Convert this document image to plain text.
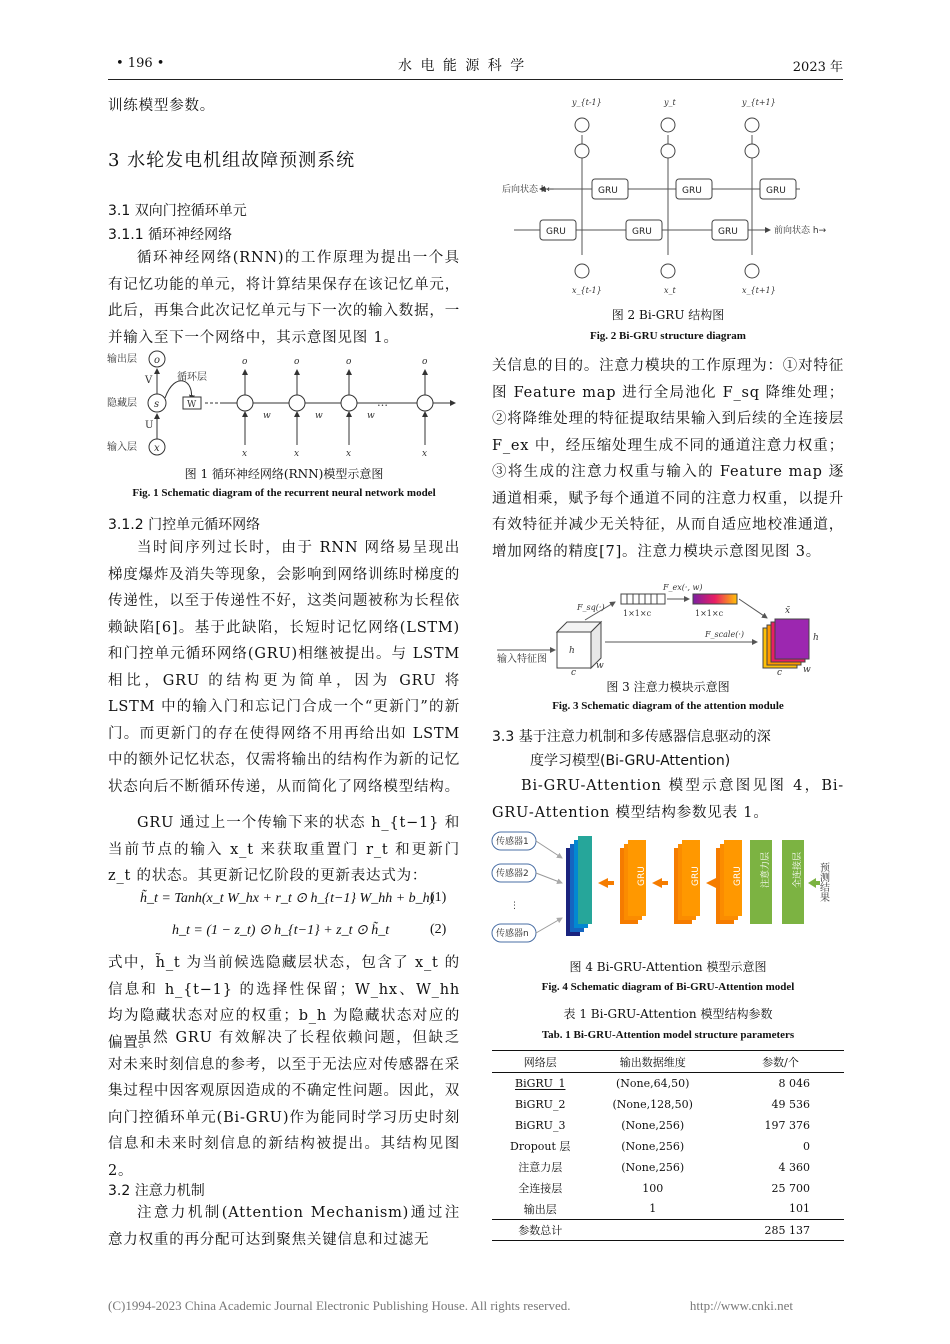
• 196 •	水 电 能 源 科 学	2023 年
训练模型参数。
3 水轮发电机组故障预测系统
3.1 双向门控循环单元
3.1.1 循环神经网络
循环神经网络(RNN)的工作原理为提出一个具有记忆功能的单元，将计算结果保存在该记忆单元，此后，再集合此次记忆单元与下一次的输入数据，一并输入至下一个网络中，其示意图见图 1。
输出层
隐藏层
输入层
o
s
x
V
U
循环层
W
o	o	o	o
x	x	x	x
w	w	w
…
图 1 循环神经网络(RNN)模型示意图
Fig. 1 Schematic diagram of the recurrent neural network model
3.1.2 门控单元循环网络
当时间序列过长时，由于 RNN 网络易呈现出梯度爆炸及消失等现象，会影响到网络训练时梯度的传递性，以至于传递性不好，这类问题被称为长程依赖缺陷[6]。基于此缺陷，长短时记忆网络(LSTM)和门控单元循环网络(GRU)相继被提出。与 LSTM 相比，GRU 的结构更为简单，因为 GRU 将 LSTM 中的输入门和忘记门合成一个“更新门”的新门。而更新门的存在使得网络不用再给出如 LSTM 中的额外记忆状态，仅需将输出的结构作为新的记忆状态向后不断循环传递，从而简化了网络模型结构。
GRU 通过上一个传输下来的状态 h_{t−1} 和当前节点的输入 x_t 来获取重置门 r_t 和更新门 z_t 的状态。其更新记忆阶段的更新表达式为：
h̃_t = Tanh(x_t W_hx + r_t ⊙ h_{t−1} W_hh + b_h)
(1)
h_t = (1 − z_t) ⊙ h_{t−1} + z_t ⊙ h̃_t	(2)
式中，h̃_t 为当前候选隐藏层状态，包含了 x_t 的信息和 h_{t−1} 的选择性保留；W_hx、W_hh 均为隐藏状态对应的权重；b_h 为隐藏状态对应的偏置。
虽然 GRU 有效解决了长程依赖问题，但缺乏对未来时刻信息的参考，以至于无法应对传感器在采集过程中因客观原因造成的不确定性问题。因此，双向门控循环单元(Bi-GRU)作为能同时学习历史时刻信息和未来时刻信息的新结构被提出。其结构见图 2。
3.2 注意力机制
注意力机制(Attention Mechanism)通过注意力权重的再分配可达到聚焦关键信息和过滤无
GRU	GRU	GRU
GRU	GRU	GRU
后向状态 h←
前向状态 h→
y_{t-1}	y_t	y_{t+1}
x_{t-1}	x_t	x_{t+1}
图 2 Bi-GRU 结构图
Fig. 2 Bi-GRU structure diagram
关信息的目的。注意力模块的工作原理为：①对特征图 Feature map 进行全局池化 F_sq 降维处理；②将降维处理的特征提取结果输入到后续的全连接层 F_ex 中，经压缩处理生成不同的通道注意力权重；③将生成的注意力权重与输入的 Feature map 逐通道相乘，赋予每个通道不同的注意力权重，以提升有效特征并减少无关特征，从而自适应地校准通道，增加网络的精度[7]。注意力模块示意图见图 3。
输入特征图
h
c
w
F_sq(·)
1×1×c
F_ex(·, w)
1×1×c
F_scale(·)
x̃
h
c w
图 3 注意力模块示意图
Fig. 3 Schematic diagram of the attention module
3.3 基于注意力机制和多传感器信息驱动的深
度学习模型(Bi-GRU-Attention)
Bi-GRU-Attention 模型示意图见图 4，Bi-GRU-Attention 模型结构参数见表 1。
传感器1
传感器2
⋮
传感器n
GRU	GRU	GRU 注意力层 全连接层 预测结果
图 4 Bi-GRU-Attention 模型示意图
Fig. 4 Schematic diagram of Bi-GRU-Attention model
表 1 Bi-GRU-Attention 模型结构参数
Tab. 1 Bi-GRU-Attention model structure parameters
网络层	输出数据维度	参数/个
BiGRU_1	(None,64,50)	8 046
BiGRU_2	(None,128,50)	49 536
BiGRU_3	(None,256)	197 376
Dropout 层	(None,256)	0
注意力层	(None,256)	4 360
全连接层	100	25 700
输出层	1	101
参数总计		285 137
(C)1994-2023 China Academic Journal Electronic Publishing House. All rights reserved.	http://www.cnki.net
